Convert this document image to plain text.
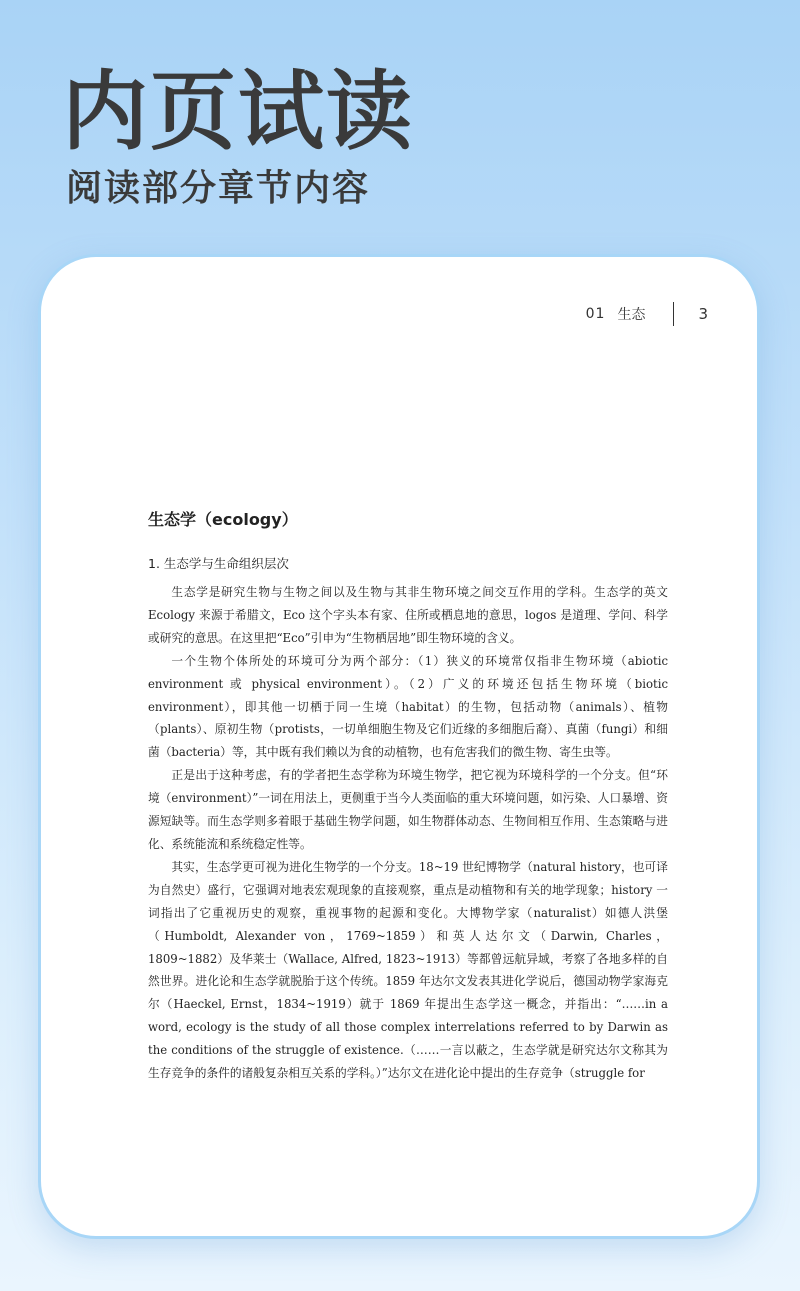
内页试读
阅读部分章节内容
01 生态	3
生态学（ecology）
1. 生态学与生命组织层次

生态学是研究生物与生物之间以及生物与其非生物环境之间交互作用的学科。生态学的英文 Ecology 来源于希腊文，Eco 这个字头本有家、住所或栖息地的意思，logos 是道理、学问、科学或研究的意思。在这里把“Eco”引申为“生物栖居地”即生物环境的含义。

一个生物个体所处的环境可分为两个部分：（1）狭义的环境常仅指非生物环境（abiotic environment 或 physical environment）。（2）广义的环境还包括生物环境（biotic environment），即其他一切栖于同一生境（habitat）的生物，包括动物（animals）、植物（plants）、原初生物（protists，一切单细胞生物及它们近缘的多细胞后裔）、真菌（fungi）和细菌（bacteria）等，其中既有我们赖以为食的动植物，也有危害我们的微生物、寄生虫等。

正是出于这种考虑，有的学者把生态学称为环境生物学，把它视为环境科学的一个分支。但“环境（environment）”一词在用法上，更侧重于当今人类面临的重大环境问题，如污染、人口暴增、资源短缺等。而生态学则多着眼于基础生物学问题，如生物群体动态、生物间相互作用、生态策略与进化、系统能流和系统稳定性等。

其实，生态学更可视为进化生物学的一个分支。18~19 世纪博物学（natural history，也可译为自然史）盛行，它强调对地表宏观现象的直接观察，重点是动植物和有关的地学现象；history 一词指出了它重视历史的观察，重视事物的起源和变化。大博物学家（naturalist）如德人洪堡（Humboldt, Alexander von，1769~1859）和英人达尔文（Darwin, Charles，1809~1882）及华莱士（Wallace, Alfred, 1823~1913）等都曾远航异域，考察了各地多样的自然世界。进化论和生态学就脱胎于这个传统。1859 年达尔文发表其进化学说后，德国动物学家海克尔（Haeckel, Ernst，1834~1919）就于 1869 年提出生态学这一概念，并指出：“……in a word, ecology is the study of all those complex interrelations referred to by Darwin as the conditions of the struggle of existence.（……一言以蔽之，生态学就是研究达尔文称其为生存竞争的条件的诸般复杂相互关系的学科。）”达尔文在进化论中提出的生存竞争（struggle for
